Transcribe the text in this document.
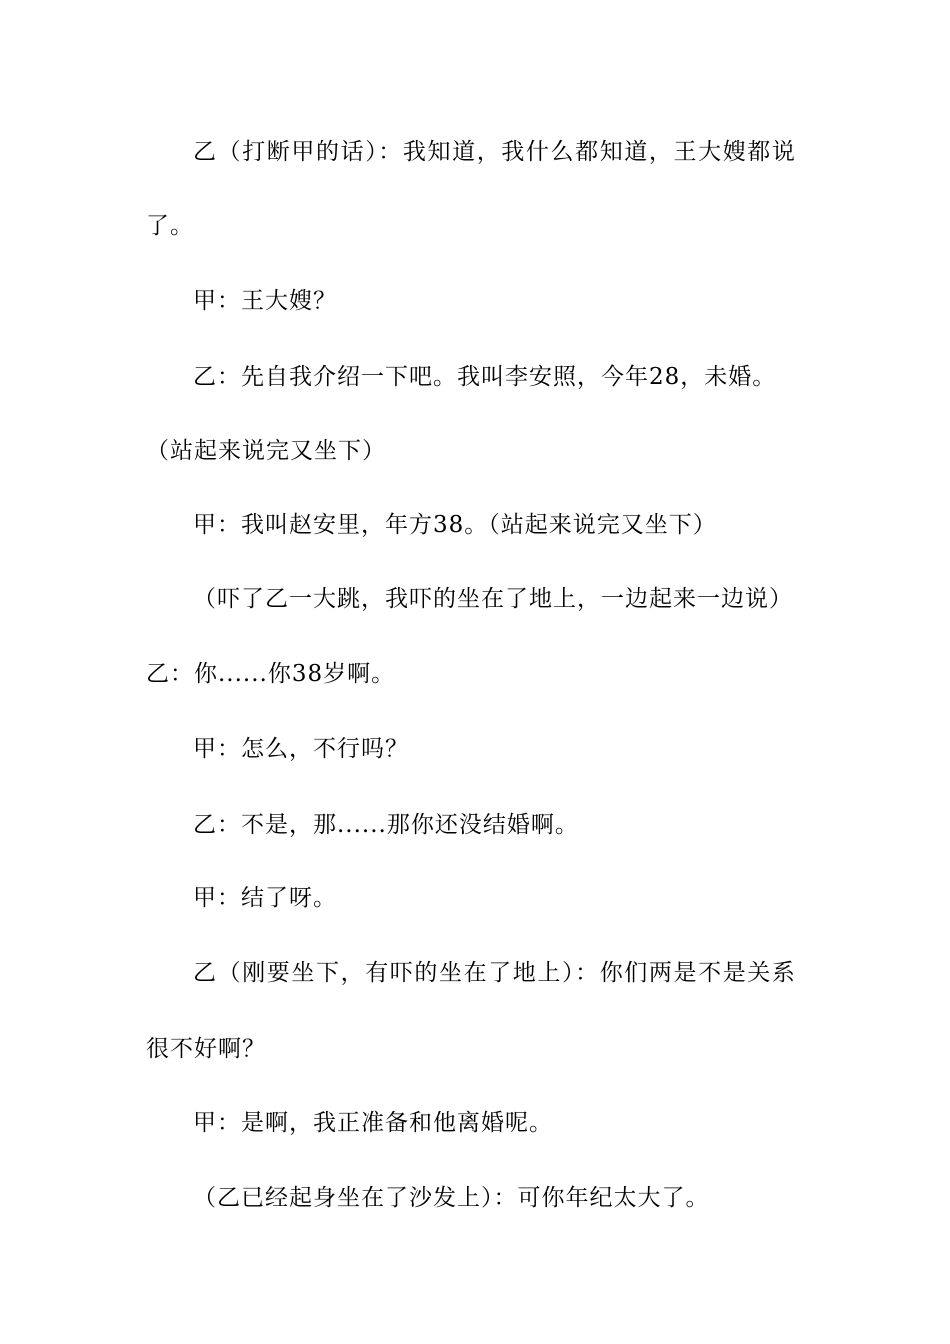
乙（打断甲的话）：我知道，我什么都知道，王大嫂都说
了。
甲：王大嫂？
乙：先自我介绍一下吧。我叫李安照，今年28，未婚。
（站起来说完又坐下）
甲：我叫赵安里，年方38。（站起来说完又坐下）
（吓了乙一大跳，我吓的坐在了地上，一边起来一边说）
乙：你......你38岁啊。
甲：怎么，不行吗？
乙：不是，那......那你还没结婚啊。
甲：结了呀。
乙（刚要坐下，有吓的坐在了地上）：你们两是不是关系
很不好啊？
甲：是啊，我正准备和他离婚呢。
（乙已经起身坐在了沙发上）：可你年纪太大了。
